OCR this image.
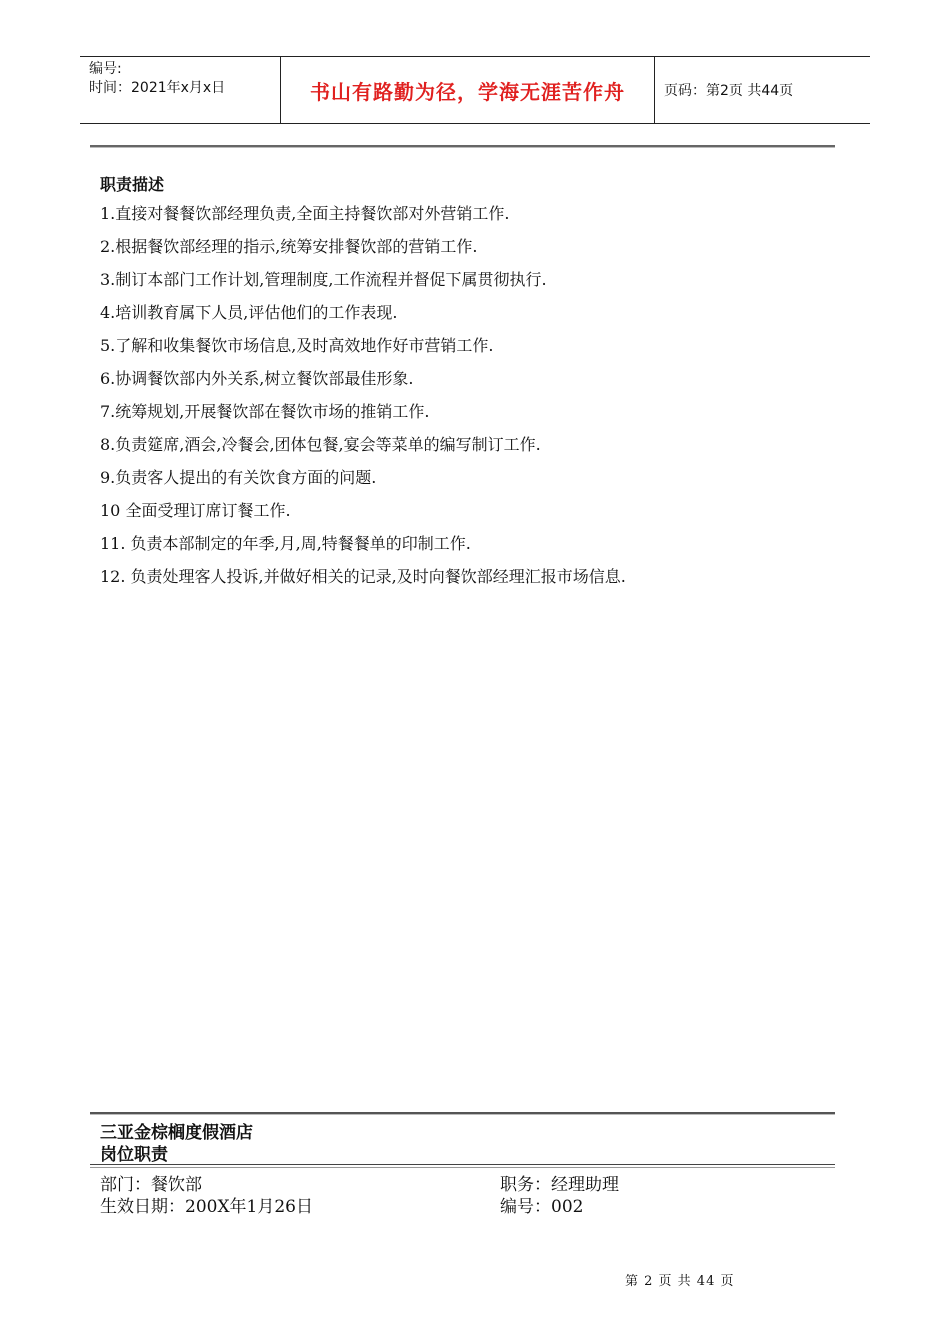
编号:
时间：2021年x月x日	书山有路勤为径，学海无涯苦作舟	页码：第2页 共44页
职责描述
1.直接对餐餐饮部经理负责,全面主持餐饮部对外营销工作.
2.根据餐饮部经理的指示,统筹安排餐饮部的营销工作.
3.制订本部门工作计划,管理制度,工作流程并督促下属贯彻执行.
4.培训教育属下人员,评估他们的工作表现.
5.了解和收集餐饮市场信息,及时高效地作好市营销工作.
6.协调餐饮部内外关系,树立餐饮部最佳形象.
7.统筹规划,开展餐饮部在餐饮市场的推销工作.
8.负责筵席,酒会,冷餐会,团体包餐,宴会等菜单的编写制订工作.
9.负责客人提出的有关饮食方面的问题.
10 全面受理订席订餐工作.
11. 负责本部制定的年季,月,周,特餐餐单的印制工作.
12. 负责处理客人投诉,并做好相关的记录,及时向餐饮部经理汇报市场信息.
三亚金棕榈度假酒店
岗位职责
部门：餐饮部	职务：经理助理
生效日期：200X年1月26日	编号：002
第 2 页 共 44 页
